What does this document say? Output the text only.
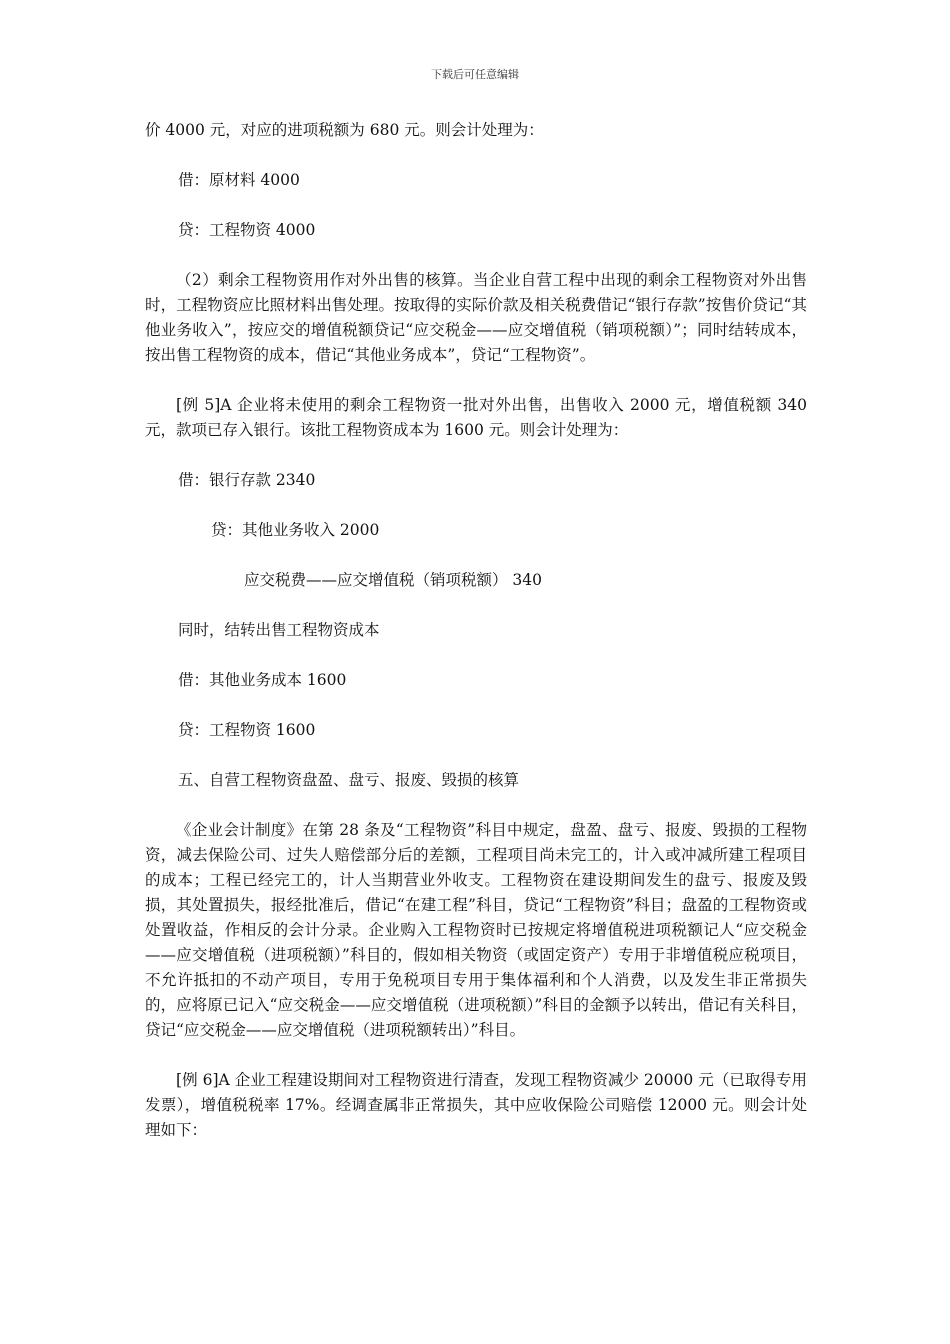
下载后可任意编辑

价 4000 元，对应的进项税额为 680 元。则会计处理为：

借：原材料 4000
贷：工程物资 4000

（2）剩余工程物资用作对外出售的核算。当企业自营工程中出现的剩余工程物资对外出售时，工程物资应比照材料出售处理。按取得的实际价款及相关税费借记“银行存款”按售价贷记“其他业务收入”，按应交的增值税额贷记“应交税金——应交增值税（销项税额）”；同时结转成本，按出售工程物资的成本，借记“其他业务成本”，贷记“工程物资”。

[例 5]A 企业将未使用的剩余工程物资一批对外出售，出售收入 2000 元，增值税额 340 元，款项已存入银行。该批工程物资成本为 1600 元。则会计处理为：

借：银行存款 2340
贷：其他业务收入 2000
应交税费——应交增值税（销项税额） 340
同时，结转出售工程物资成本
借：其他业务成本 1600
贷：工程物资 1600
五、自营工程物资盘盈、盘亏、报废、毁损的核算

《企业会计制度》在第 28 条及“工程物资”科目中规定，盘盈、盘亏、报废、毁损的工程物资，减去保险公司、过失人赔偿部分后的差额，工程项目尚未完工的，计入或冲减所建工程项目的成本；工程已经完工的，计人当期营业外收支。工程物资在建设期间发生的盘亏、报废及毁损，其处置损失，报经批准后，借记“在建工程”科目，贷记“工程物资”科目；盘盈的工程物资或处置收益，作相反的会计分录。企业购入工程物资时已按规定将增值税进项税额记人“应交税金——应交增值税（进项税额）”科目的，假如相关物资（或固定资产）专用于非增值税应税项目，不允许抵扣的不动产项目，专用于免税项目专用于集体福利和个人消费，以及发生非正常损失的，应将原已记入“应交税金——应交增值税（进项税额）”科目的金额予以转出，借记有关科目，贷记“应交税金——应交增值税（进项税额转出）”科目。

[例 6]A 企业工程建设期间对工程物资进行清查，发现工程物资减少 20000 元（已取得专用发票），增值税税率 17%。经调查属非正常损失，其中应收保险公司赔偿 12000 元。则会计处理如下：
